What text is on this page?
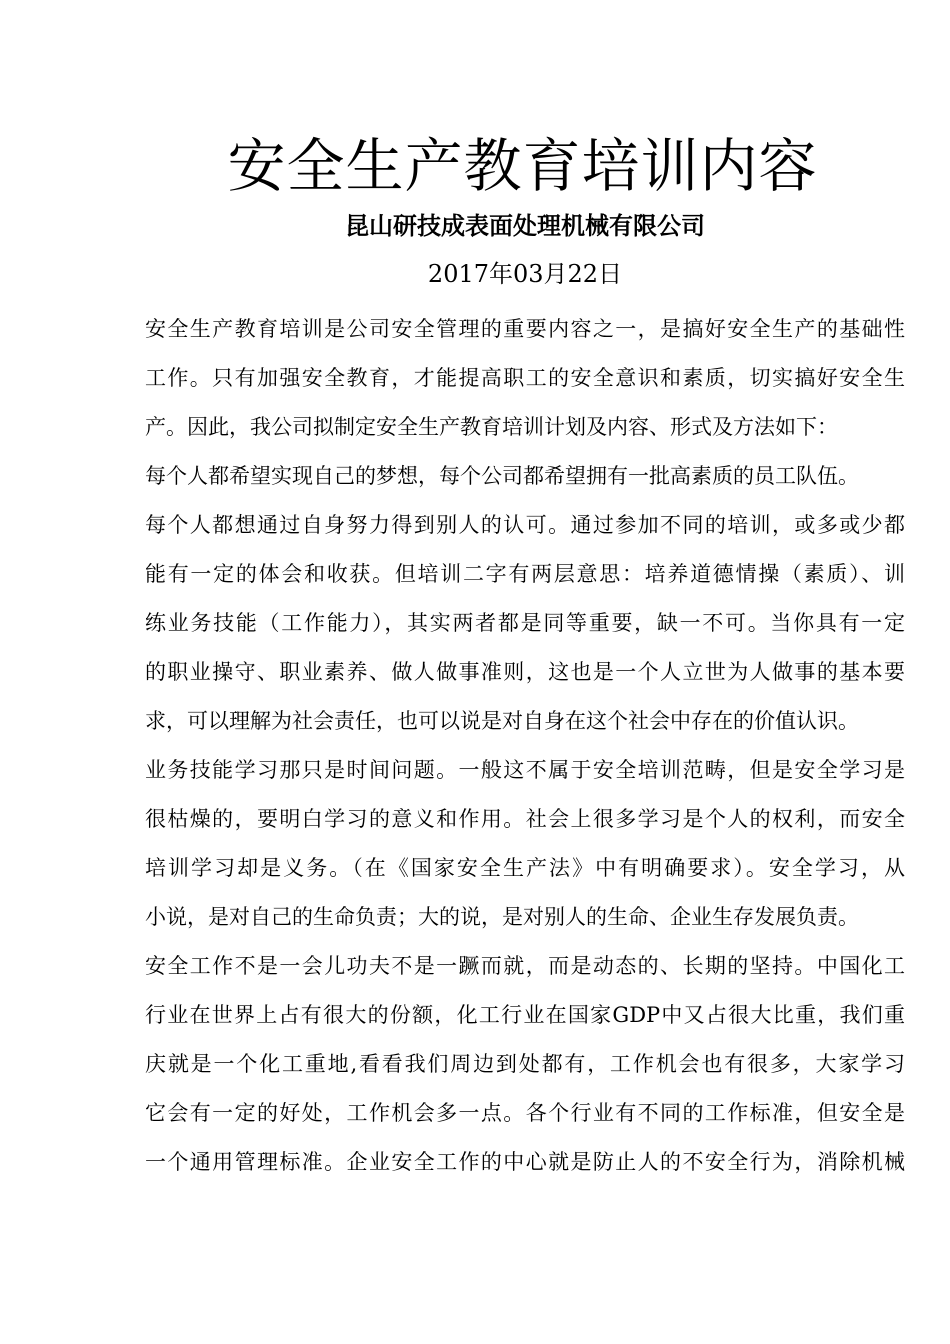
安全生产教育培训内容
昆山研技成表面处理机械有限公司
2017年03月22日
安全生产教育培训是公司安全管理的重要内容之一，是搞好安全生产的基础性
工作。只有加强安全教育，才能提高职工的安全意识和素质，切实搞好安全生
产。因此，我公司拟制定安全生产教育培训计划及内容、形式及方法如下：
每个人都希望实现自己的梦想，每个公司都希望拥有一批高素质的员工队伍。
每个人都想通过自身努力得到别人的认可。通过参加不同的培训，或多或少都
能有一定的体会和收获。但培训二字有两层意思：培养道德情操（素质）、训
练业务技能（工作能力），其实两者都是同等重要，缺一不可。当你具有一定
的职业操守、职业素养、做人做事准则，这也是一个人立世为人做事的基本要
求，可以理解为社会责任，也可以说是对自身在这个社会中存在的价值认识。
业务技能学习那只是时间问题。一般这不属于安全培训范畴，但是安全学习是
很枯燥的，要明白学习的意义和作用。社会上很多学习是个人的权利，而安全
培训学习却是义务。（在《国家安全生产法》中有明确要求）。安全学习，从
小说，是对自己的生命负责；大的说，是对别人的生命、企业生存发展负责。
安全工作不是一会儿功夫不是一蹶而就，而是动态的、长期的坚持。中国化工
行业在世界上占有很大的份额，化工行业在国家GDP中又占很大比重，我们重
庆就是一个化工重地,看看我们周边到处都有，工作机会也有很多，大家学习
它会有一定的好处，工作机会多一点。各个行业有不同的工作标准，但安全是
一个通用管理标准。企业安全工作的中心就是防止人的不安全行为，消除机械
